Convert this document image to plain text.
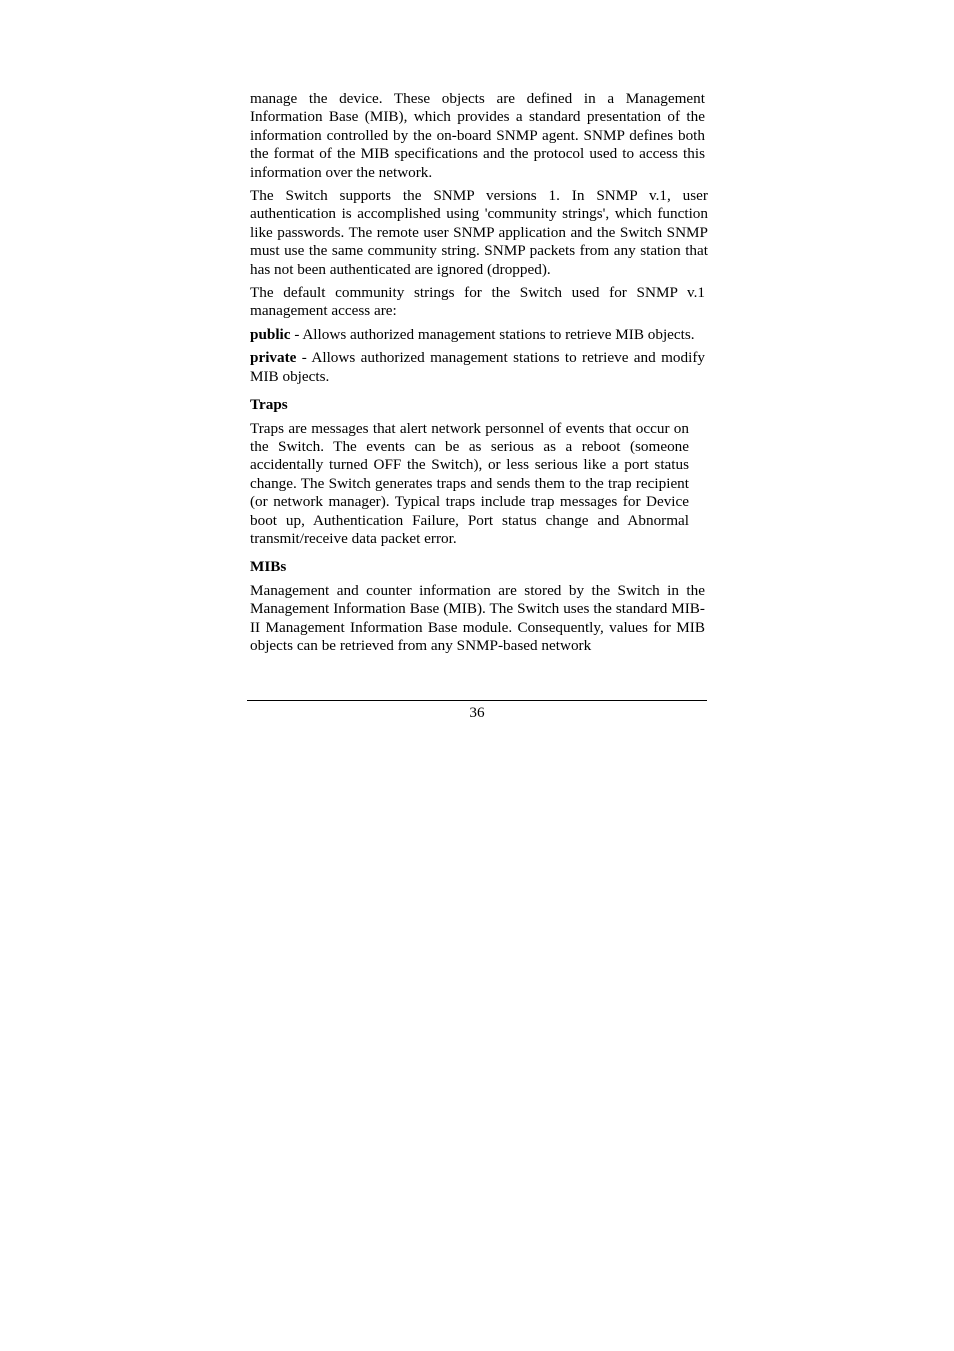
manage the device. These objects are defined in a Management Information Base (MIB), which provides a standard presentation of the information controlled by the on-board SNMP agent. SNMP defines both the format of the MIB specifications and the protocol used to access this information over the network.

The Switch supports the SNMP versions 1. In SNMP v.1, user authentication is accomplished using 'community strings', which function like passwords. The remote user SNMP application and the Switch SNMP must use the same community string. SNMP packets from any station that has not been authenticated are ignored (dropped).

The default community strings for the Switch used for SNMP v.1 management access are:

public - Allows authorized management stations to retrieve MIB objects.

private - Allows authorized management stations to retrieve and modify MIB objects.

Traps

Traps are messages that alert network personnel of events that occur on the Switch. The events can be as serious as a reboot (someone accidentally turned OFF the Switch), or less serious like a port status change. The Switch generates traps and sends them to the trap recipient (or network manager). Typical traps include trap messages for Device boot up, Authentication Failure, Port status change and Abnormal transmit/receive data packet error.

MIBs

Management and counter information are stored by the Switch in the Management Information Base (MIB). The Switch uses the standard MIB-II Management Information Base module. Consequently, values for MIB objects can be retrieved from any SNMP-based network

36
